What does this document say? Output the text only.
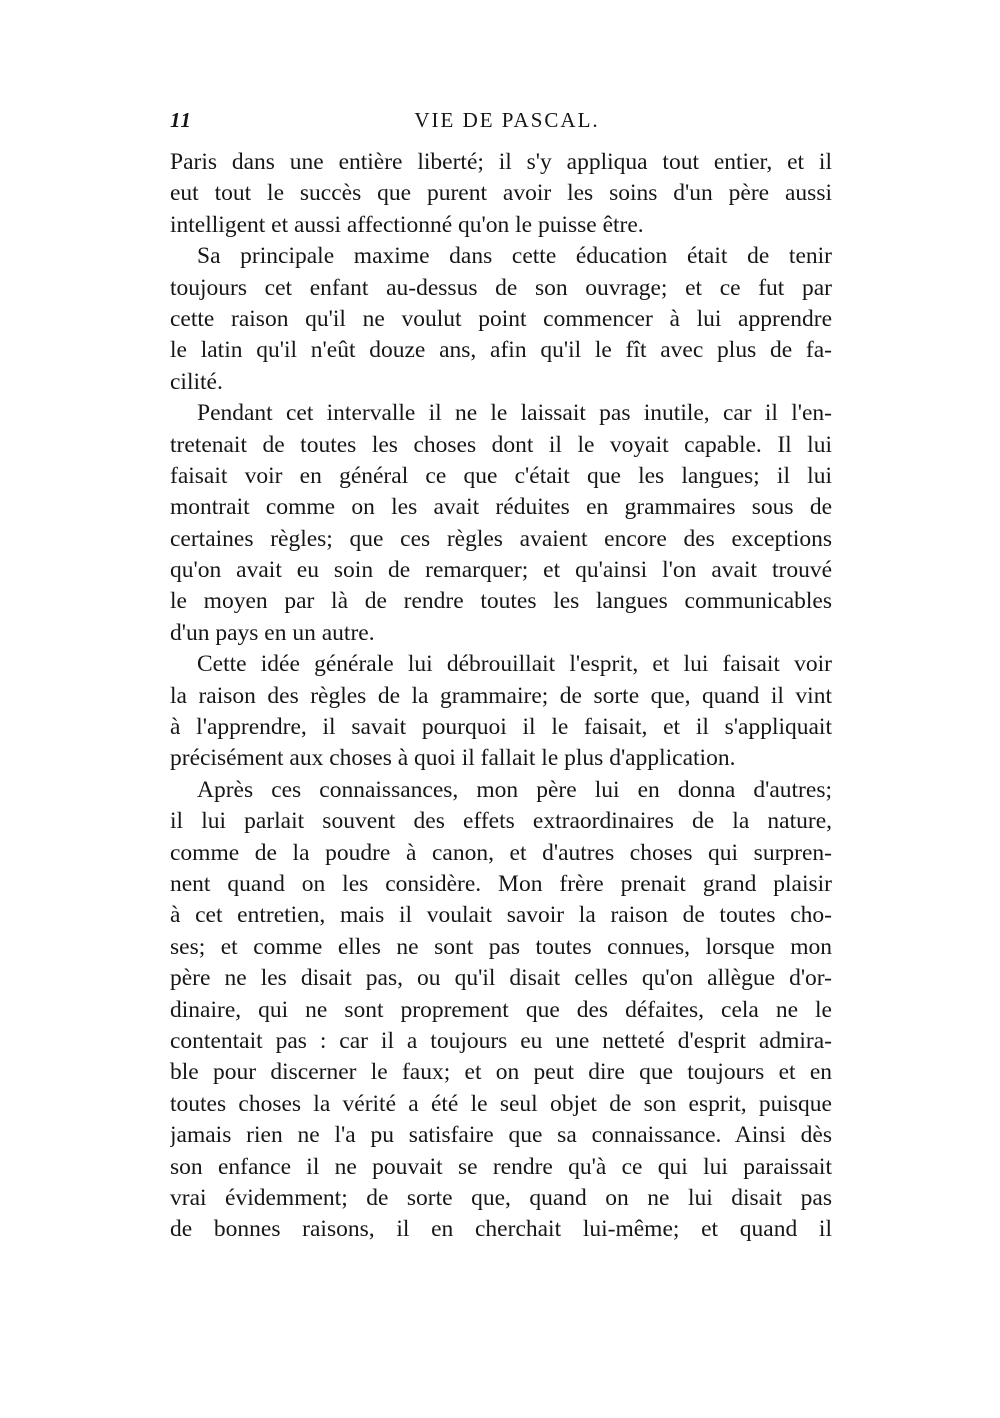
11	VIE DE PASCAL.
Paris dans une entière liberté; il s'y appliqua tout entier, et il
eut tout le succès que purent avoir les soins d'un père aussi
intelligent et aussi affectionné qu'on le puisse être.
Sa principale maxime dans cette éducation était de tenir
toujours cet enfant au-dessus de son ouvrage; et ce fut par
cette raison qu'il ne voulut point commencer à lui apprendre
le latin qu'il n'eût douze ans, afin qu'il le fît avec plus de fa-
cilité.
Pendant cet intervalle il ne le laissait pas inutile, car il l'en-
tretenait de toutes les choses dont il le voyait capable. Il lui
faisait voir en général ce que c'était que les langues; il lui
montrait comme on les avait réduites en grammaires sous de
certaines règles; que ces règles avaient encore des exceptions
qu'on avait eu soin de remarquer; et qu'ainsi l'on avait trouvé
le moyen par là de rendre toutes les langues communicables
d'un pays en un autre.
Cette idée générale lui débrouillait l'esprit, et lui faisait voir
la raison des règles de la grammaire; de sorte que, quand il vint
à l'apprendre, il savait pourquoi il le faisait, et il s'appliquait
précisément aux choses à quoi il fallait le plus d'application.
Après ces connaissances, mon père lui en donna d'autres;
il lui parlait souvent des effets extraordinaires de la nature,
comme de la poudre à canon, et d'autres choses qui surpren-
nent quand on les considère. Mon frère prenait grand plaisir
à cet entretien, mais il voulait savoir la raison de toutes cho-
ses; et comme elles ne sont pas toutes connues, lorsque mon
père ne les disait pas, ou qu'il disait celles qu'on allègue d'or-
dinaire, qui ne sont proprement que des défaites, cela ne le
contentait pas : car il a toujours eu une netteté d'esprit admira-
ble pour discerner le faux; et on peut dire que toujours et en
toutes choses la vérité a été le seul objet de son esprit, puisque
jamais rien ne l'a pu satisfaire que sa connaissance. Ainsi dès
son enfance il ne pouvait se rendre qu'à ce qui lui paraissait
vrai évidemment; de sorte que, quand on ne lui disait pas
de bonnes raisons, il en cherchait lui-même; et quand il
